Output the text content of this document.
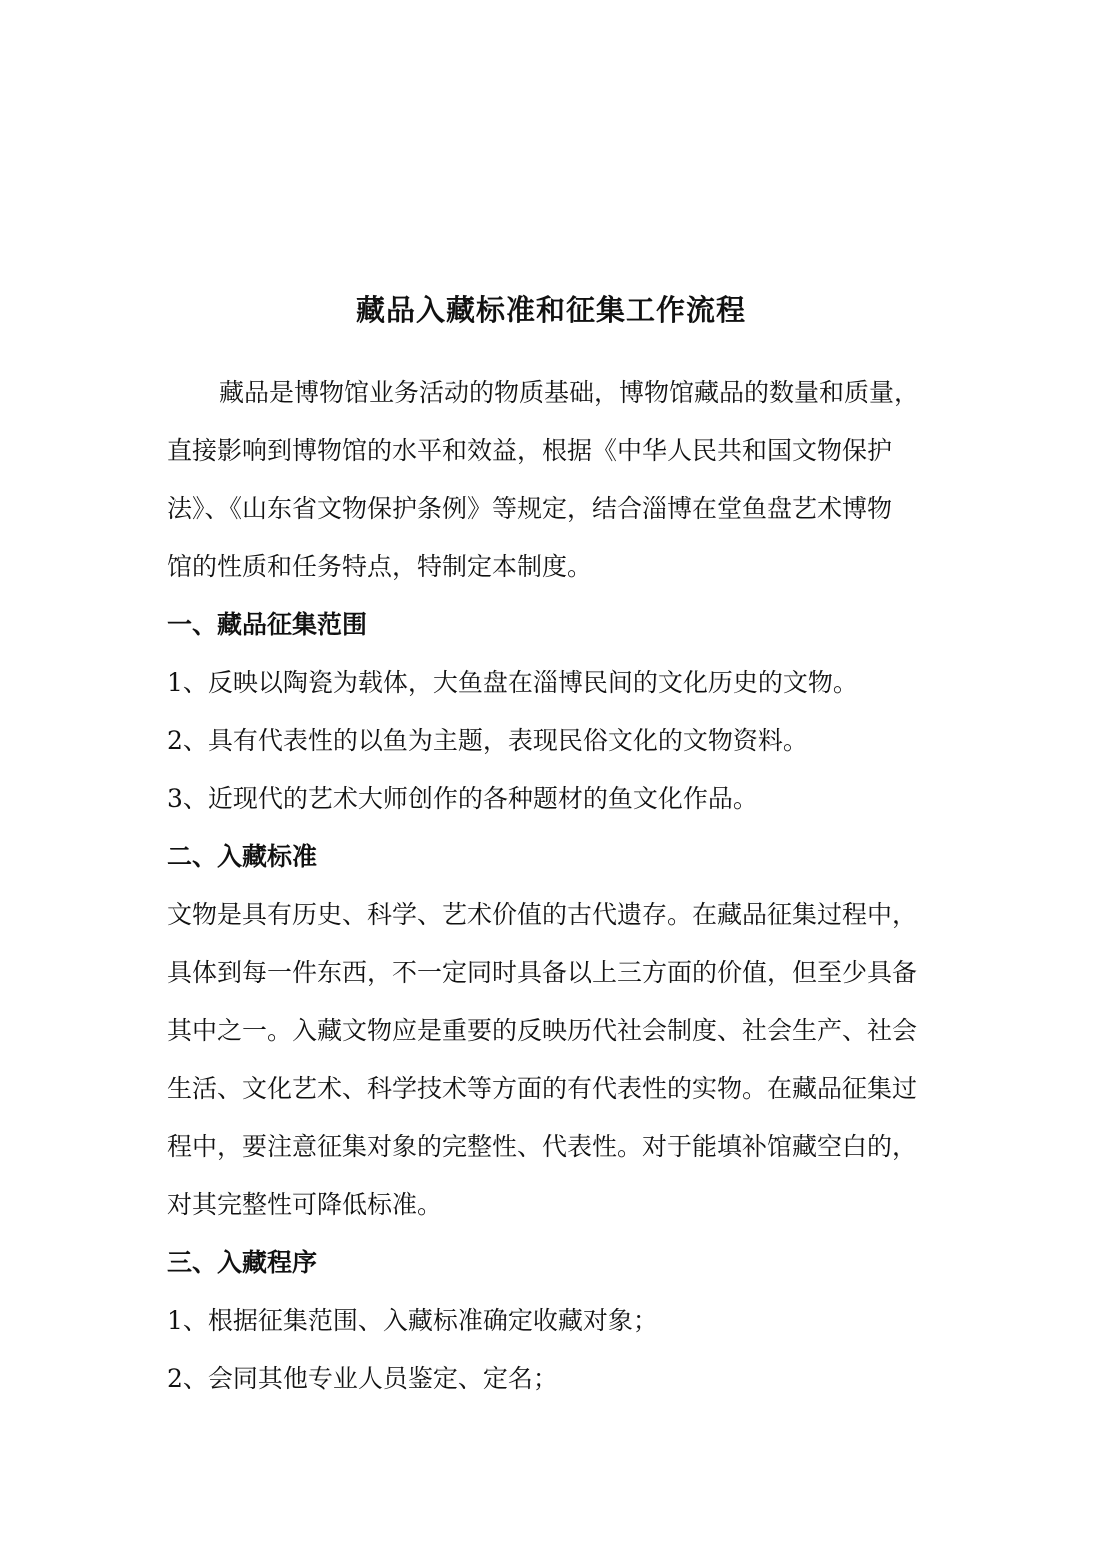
藏品入藏标准和征集工作流程

藏品是博物馆业务活动的物质基础，博物馆藏品的数量和质量，

直接影响到博物馆的水平和效益，根据《中华人民共和国文物保护

法》、《山东省文物保护条例》等规定，结合淄博在堂鱼盘艺术博物

馆的性质和任务特点，特制定本制度。

一、藏品征集范围

1、反映以陶瓷为载体，大鱼盘在淄博民间的文化历史的文物。

2、具有代表性的以鱼为主题，表现民俗文化的文物资料。

3、近现代的艺术大师创作的各种题材的鱼文化作品。

二、入藏标准

文物是具有历史、科学、艺术价值的古代遗存。在藏品征集过程中，

具体到每一件东西，不一定同时具备以上三方面的价值，但至少具备

其中之一。入藏文物应是重要的反映历代社会制度、社会生产、社会

生活、文化艺术、科学技术等方面的有代表性的实物。在藏品征集过

程中，要注意征集对象的完整性、代表性。对于能填补馆藏空白的，

对其完整性可降低标准。

三、入藏程序

1、根据征集范围、入藏标准确定收藏对象；

2、会同其他专业人员鉴定、定名；
